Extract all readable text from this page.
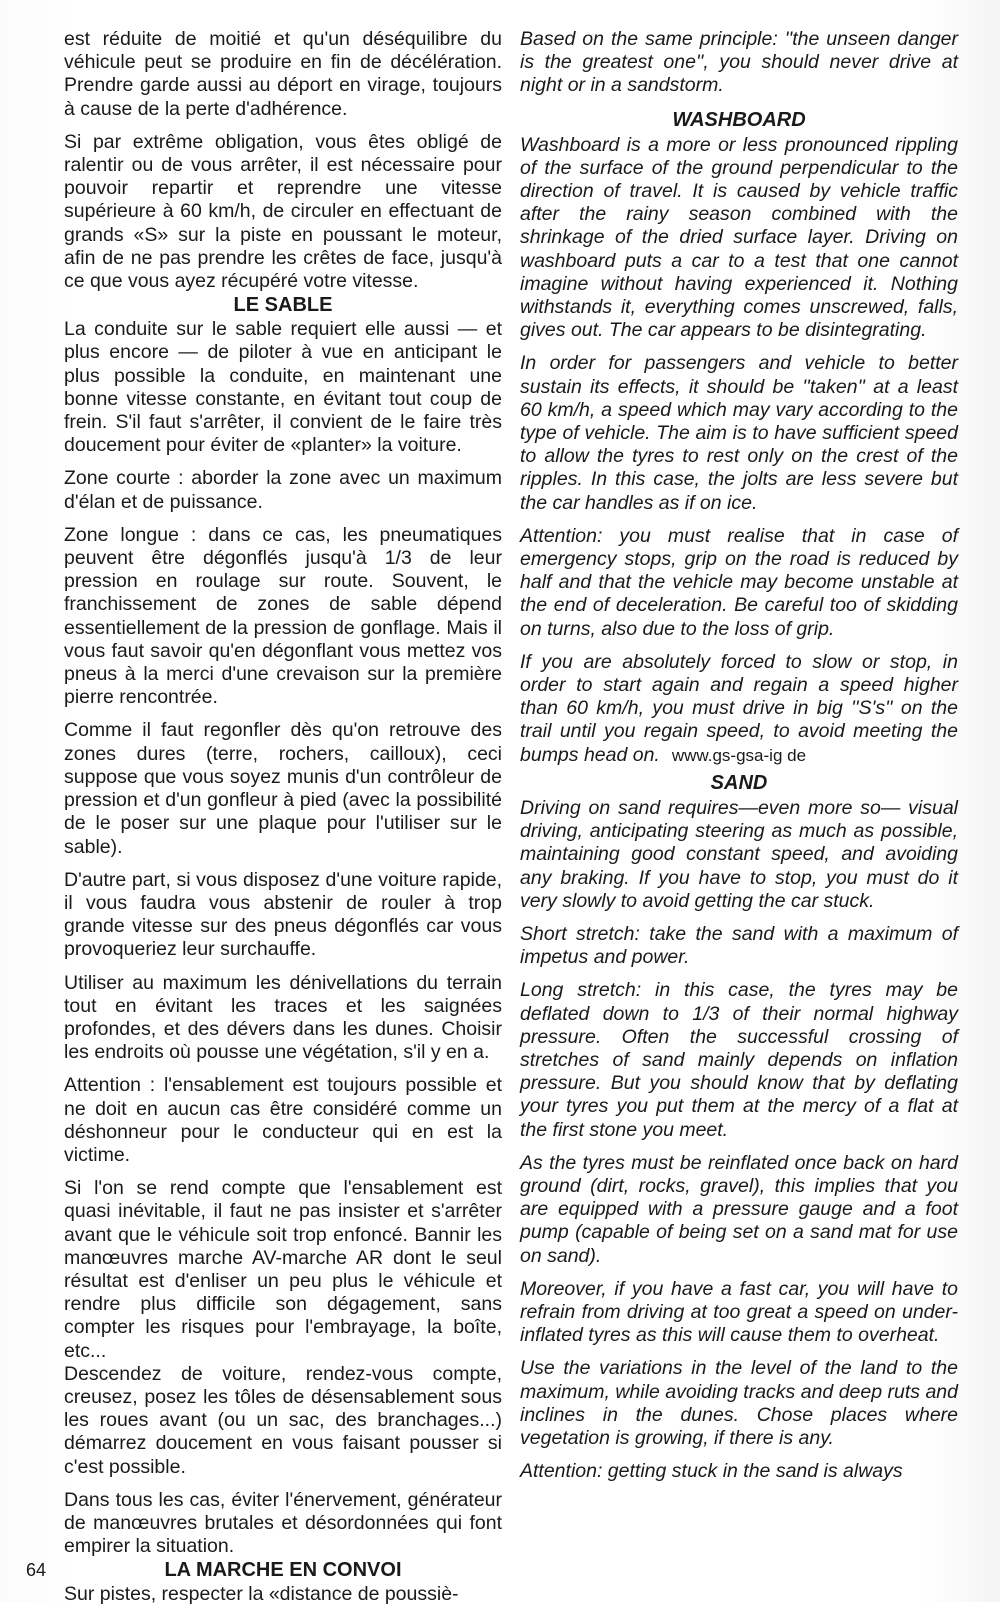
est réduite de moitié et qu'un déséquilibre du véhicule peut se produire en fin de décélération. Prendre garde aussi au déport en virage, toujours à cause de la perte d'adhérence.

Si par extrême obligation, vous êtes obligé de ralentir ou de vous arrêter, il est nécessaire pour pouvoir repartir et reprendre une vitesse supérieure à 60 km/h, de circuler en effectuant de grands «S» sur la piste en poussant le moteur, afin de ne pas prendre les crêtes de face, jusqu'à ce que vous ayez récupéré votre vitesse.

LE SABLE

La conduite sur le sable requiert elle aussi — et plus encore — de piloter à vue en anticipant le plus possible la conduite, en maintenant une bonne vitesse constante, en évitant tout coup de frein. S'il faut s'arrêter, il convient de le faire très doucement pour éviter de «planter» la voiture.

Zone courte : aborder la zone avec un maximum d'élan et de puissance.

Zone longue : dans ce cas, les pneumatiques peuvent être dégonflés jusqu'à 1/3 de leur pression en roulage sur route. Souvent, le franchissement de zones de sable dépend essentiellement de la pression de gonflage. Mais il vous faut savoir qu'en dégonflant vous mettez vos pneus à la merci d'une crevaison sur la première pierre rencontrée.

Comme il faut regonfler dès qu'on retrouve des zones dures (terre, rochers, cailloux), ceci suppose que vous soyez munis d'un contrôleur de pression et d'un gonfleur à pied (avec la possibilité de le poser sur une plaque pour l'utiliser sur le sable).

D'autre part, si vous disposez d'une voiture rapide, il vous faudra vous abstenir de rouler à trop grande vitesse sur des pneus dégonflés car vous provoqueriez leur surchauffe.

Utiliser au maximum les dénivellations du terrain tout en évitant les traces et les saignées profondes, et des dévers dans les dunes. Choisir les endroits où pousse une végétation, s'il y en a.

Attention : l'ensablement est toujours possible et ne doit en aucun cas être considéré comme un déshonneur pour le conducteur qui en est la victime.

Si l'on se rend compte que l'ensablement est quasi inévitable, il faut ne pas insister et s'arrêter avant que le véhicule soit trop enfoncé. Bannir les manœuvres marche AV-marche AR dont le seul résultat est d'enliser un peu plus le véhicule et rendre plus difficile son dégagement, sans compter les risques pour l'embrayage, la boîte, etc...

Descendez de voiture, rendez-vous compte, creusez, posez les tôles de désensablement sous les roues avant (ou un sac, des branchages...) démarrez doucement en vous faisant pousser si c'est possible.

Dans tous les cas, éviter l'énervement, générateur de manœuvres brutales et désordonnées qui font empirer la situation.

LA MARCHE EN CONVOI

Sur pistes, respecter la «distance de poussiè-

Based on the same principle: ''the unseen danger is the greatest one'', you should never drive at night or in a sandstorm.

WASHBOARD

Washboard is a more or less pronounced rippling of the surface of the ground perpendicular to the direction of travel. It is caused by vehicle traffic after the rainy season combined with the shrinkage of the dried surface layer. Driving on washboard puts a car to a test that one cannot imagine without having experienced it. Nothing withstands it, everything comes unscrewed, falls, gives out. The car appears to be disintegrating.

In order for passengers and vehicle to better sustain its effects, it should be ''taken'' at a least 60 km/h, a speed which may vary according to the type of vehicle. The aim is to have sufficient speed to allow the tyres to rest only on the crest of the ripples. In this case, the jolts are less severe but the car handles as if on ice.

Attention: you must realise that in case of emergency stops, grip on the road is reduced by half and that the vehicle may become unstable at the end of deceleration. Be careful too of skidding on turns, also due to the loss of grip.

If you are absolutely forced to slow or stop, in order to start again and regain a speed higher than 60 km/h, you must drive in big ''S's'' on the trail until you regain speed, to avoid meeting the bumps head on. www.gs-gsa-ig de

SAND

Driving on sand requires—even more so— visual driving, anticipating steering as much as possible, maintaining good constant speed, and avoiding any braking. If you have to stop, you must do it very slowly to avoid getting the car stuck.

Short stretch: take the sand with a maximum of impetus and power.

Long stretch: in this case, the tyres may be deflated down to 1/3 of their normal highway pressure. Often the successful crossing of stretches of sand mainly depends on inflation pressure. But you should know that by deflating your tyres you put them at the mercy of a flat at the first stone you meet.

As the tyres must be reinflated once back on hard ground (dirt, rocks, gravel), this implies that you are equipped with a pressure gauge and a foot pump (capable of being set on a sand mat for use on sand).

Moreover, if you have a fast car, you will have to refrain from driving at too great a speed on under-inflated tyres as this will cause them to overheat.

Use the variations in the level of the land to the maximum, while avoiding tracks and deep ruts and inclines in the dunes. Chose places where vegetation is growing, if there is any.

Attention: getting stuck in the sand is always

64
